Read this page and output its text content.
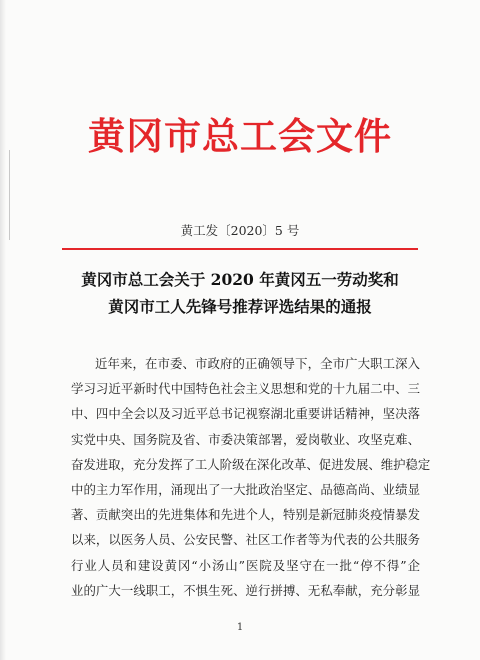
黄冈市总工会文件
黄工发〔2020〕5 号
黄冈市总工会关于 2020 年黄冈五一劳动奖和
黄冈市工人先锋号推荐评选结果的通报
近年来，在市委、市政府的正确领导下，全市广大职工深入
学习习近平新时代中国特色社会主义思想和党的十九届二中、三
中、四中全会以及习近平总书记视察湖北重要讲话精神，坚决落
实党中央、国务院及省、市委决策部署，爱岗敬业、攻坚克难、
奋发进取，充分发挥了工人阶级在深化改革、促进发展、维护稳定
中的主力军作用，涌现出了一大批政治坚定、品德高尚、业绩显
著、贡献突出的先进集体和先进个人，特别是新冠肺炎疫情暴发
以来，以医务人员、公安民警、社区工作者等为代表的公共服务
行业人员和建设黄冈“小汤山”医院及坚守在一批“停不得”企
业的广大一线职工，不惧生死、逆行拼搏、无私奉献，充分彰显
1
